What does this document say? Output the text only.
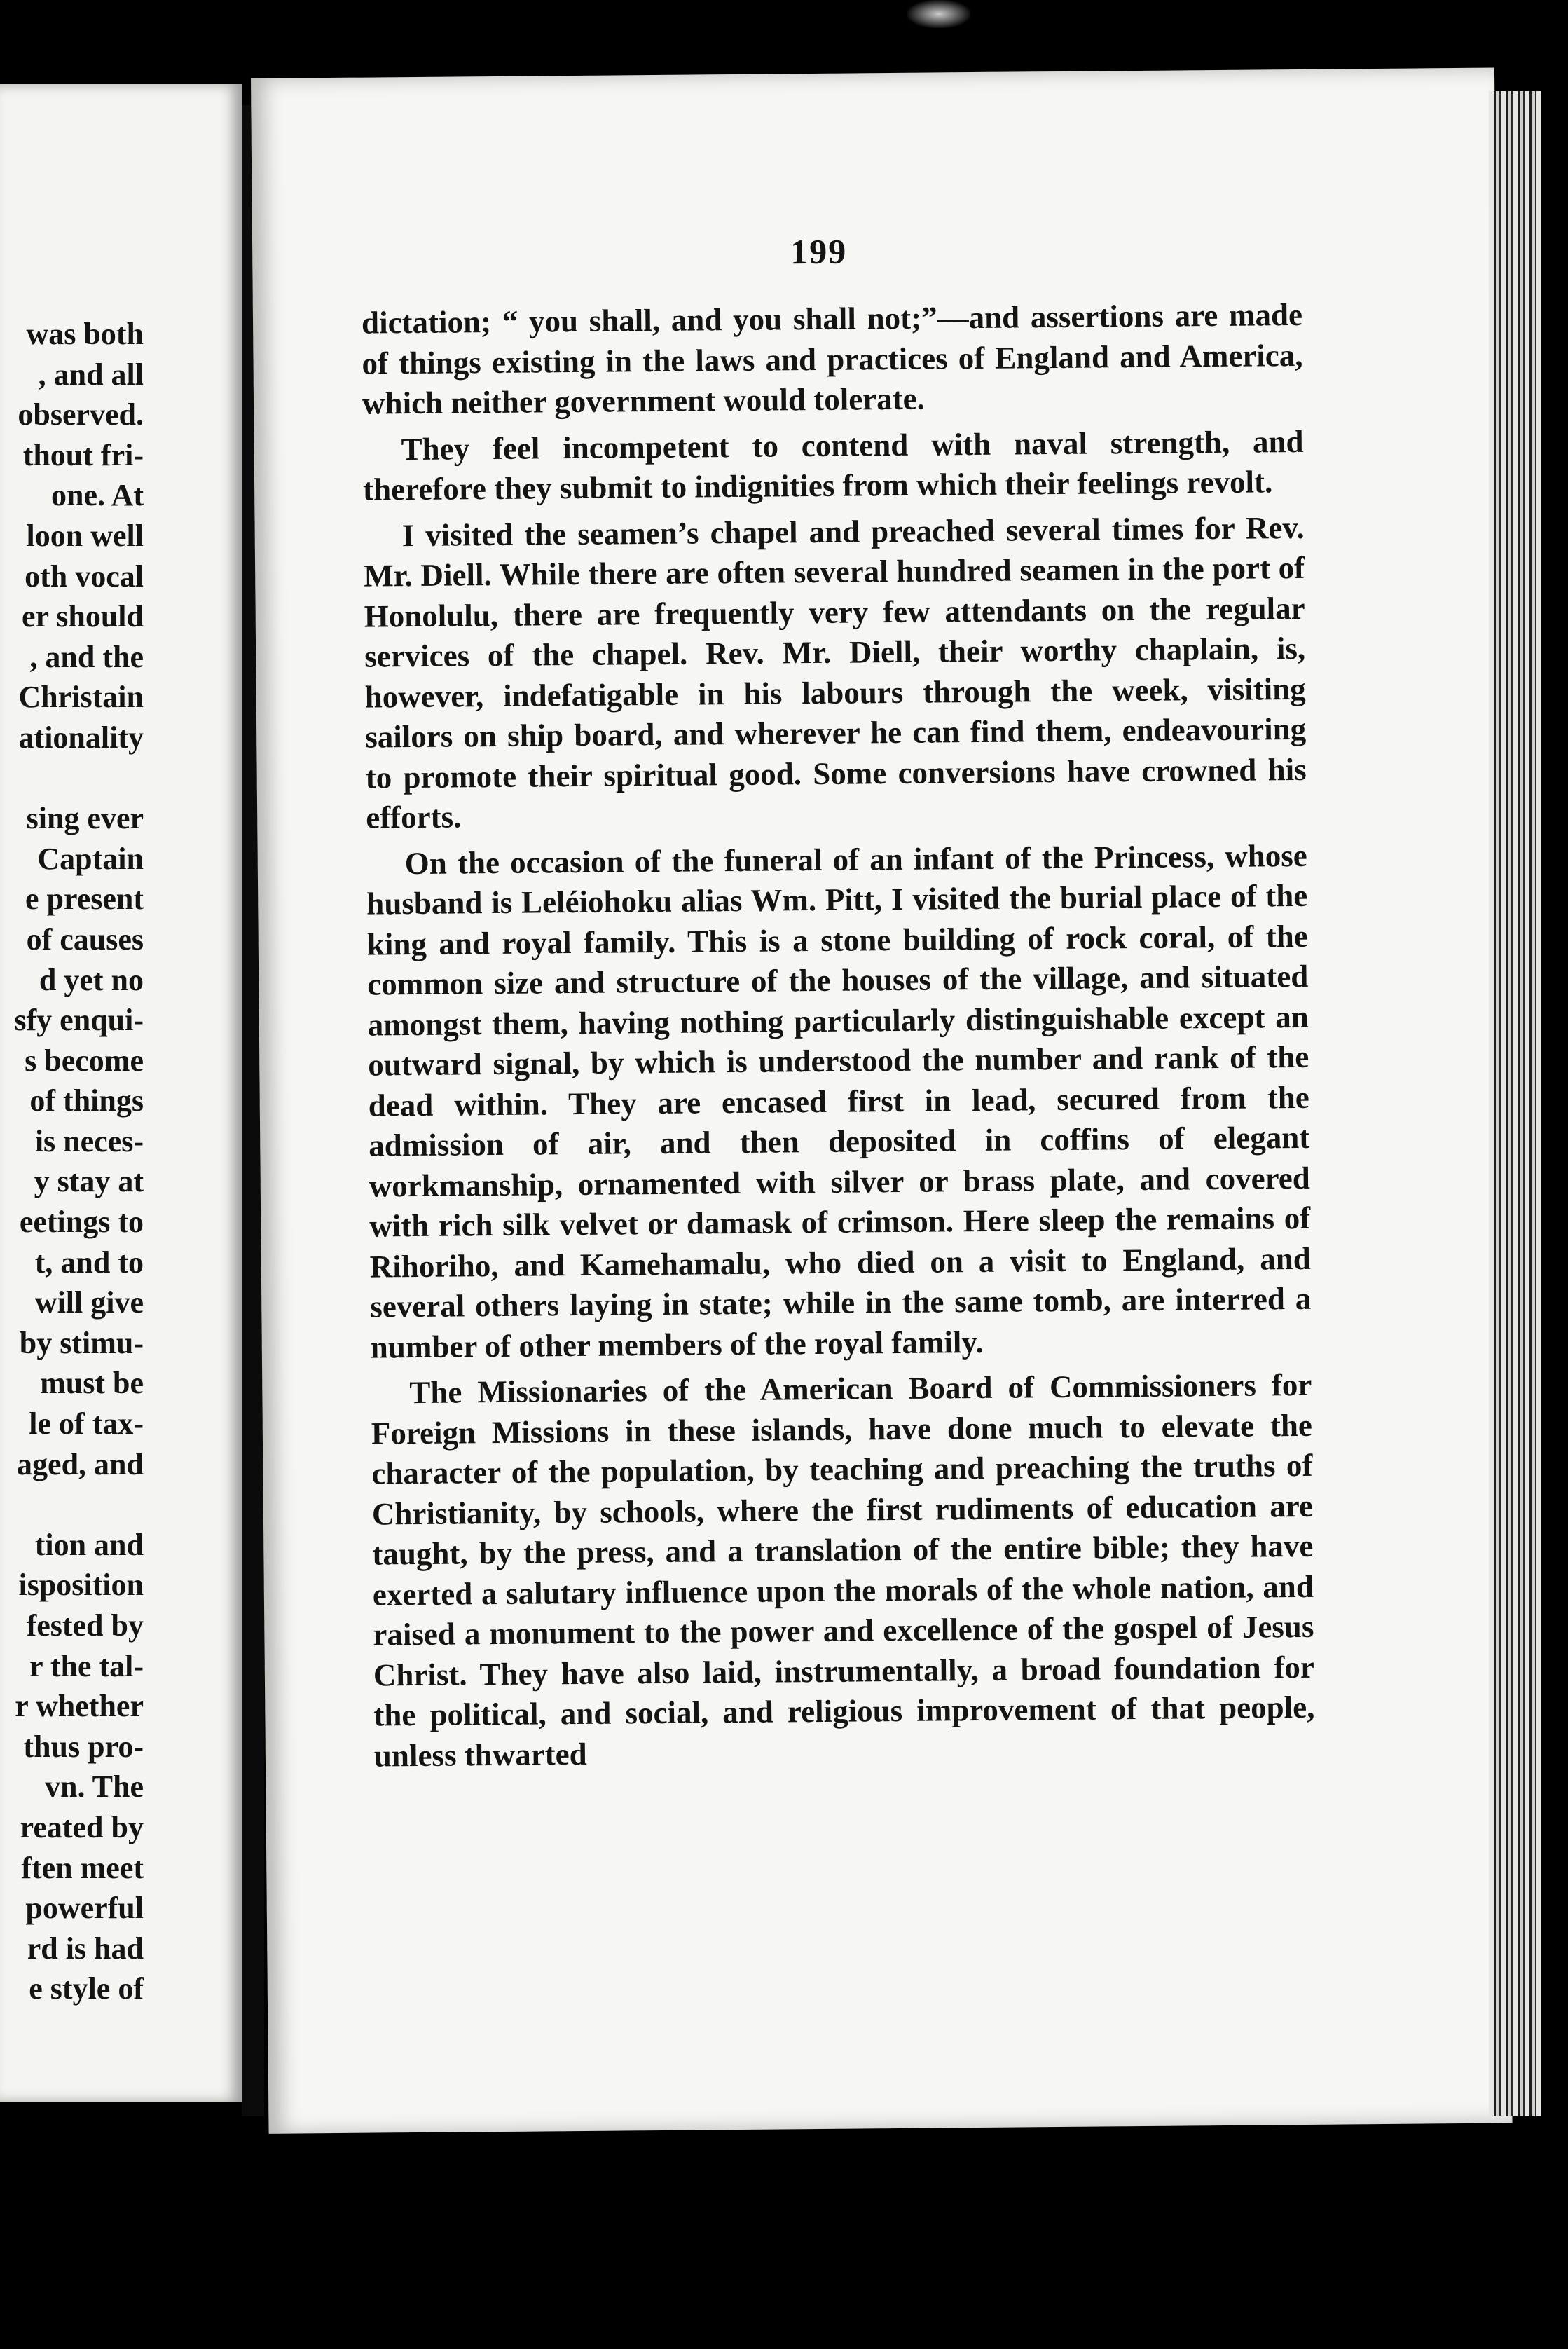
was both
, and all
observed.
thout fri-
one. At
loon well
oth vocal
er should
, and the
Christain
ationality

sing ever
Captain
e present
of causes
d yet no
sfy enqui-
s become
of things
is neces-
y stay at
eetings to
t, and to
will give
by stimu-
must be
le of tax-
aged, and

tion and
isposition
fested by
r the tal-
r whether
thus pro-
vn. The
reated by
ften meet
powerful
rd is had
e style of
199

dictation; “ you shall, and you shall not;”—and assertions are made of things existing in the laws and practices of England and America, which neither government would tolerate.

They feel incompetent to contend with naval strength, and therefore they submit to indignities from which their feelings revolt.

I visited the seamen’s chapel and preached several times for Rev. Mr. Diell. While there are often several hundred seamen in the port of Honolulu, there are frequently very few attendants on the regular services of the chapel. Rev. Mr. Diell, their worthy chaplain, is, however, indefatigable in his labours through the week, visiting sailors on ship board, and wherever he can find them, endeavouring to promote their spiritual good. Some conversions have crowned his efforts.

On the occasion of the funeral of an infant of the Princess, whose husband is Leléiohoku alias Wm. Pitt, I visited the burial place of the king and royal family. This is a stone building of rock coral, of the common size and structure of the houses of the village, and situated amongst them, having nothing particularly distinguishable except an outward signal, by which is understood the number and rank of the dead within. They are encased first in lead, secured from the admission of air, and then deposited in coffins of elegant workmanship, ornamented with silver or brass plate, and covered with rich silk velvet or damask of crimson. Here sleep the remains of Rihoriho, and Kamehamalu, who died on a visit to England, and several others laying in state; while in the same tomb, are interred a number of other members of the royal family.

The Missionaries of the American Board of Commissioners for Foreign Missions in these islands, have done much to elevate the character of the population, by teaching and preaching the truths of Christianity, by schools, where the first rudiments of education are taught, by the press, and a translation of the entire bible; they have exerted a salutary influence upon the morals of the whole nation, and raised a monument to the power and excellence of the gospel of Jesus Christ. They have also laid, instrumentally, a broad foundation for the political, and social, and religious improvement of that people, unless thwarted
